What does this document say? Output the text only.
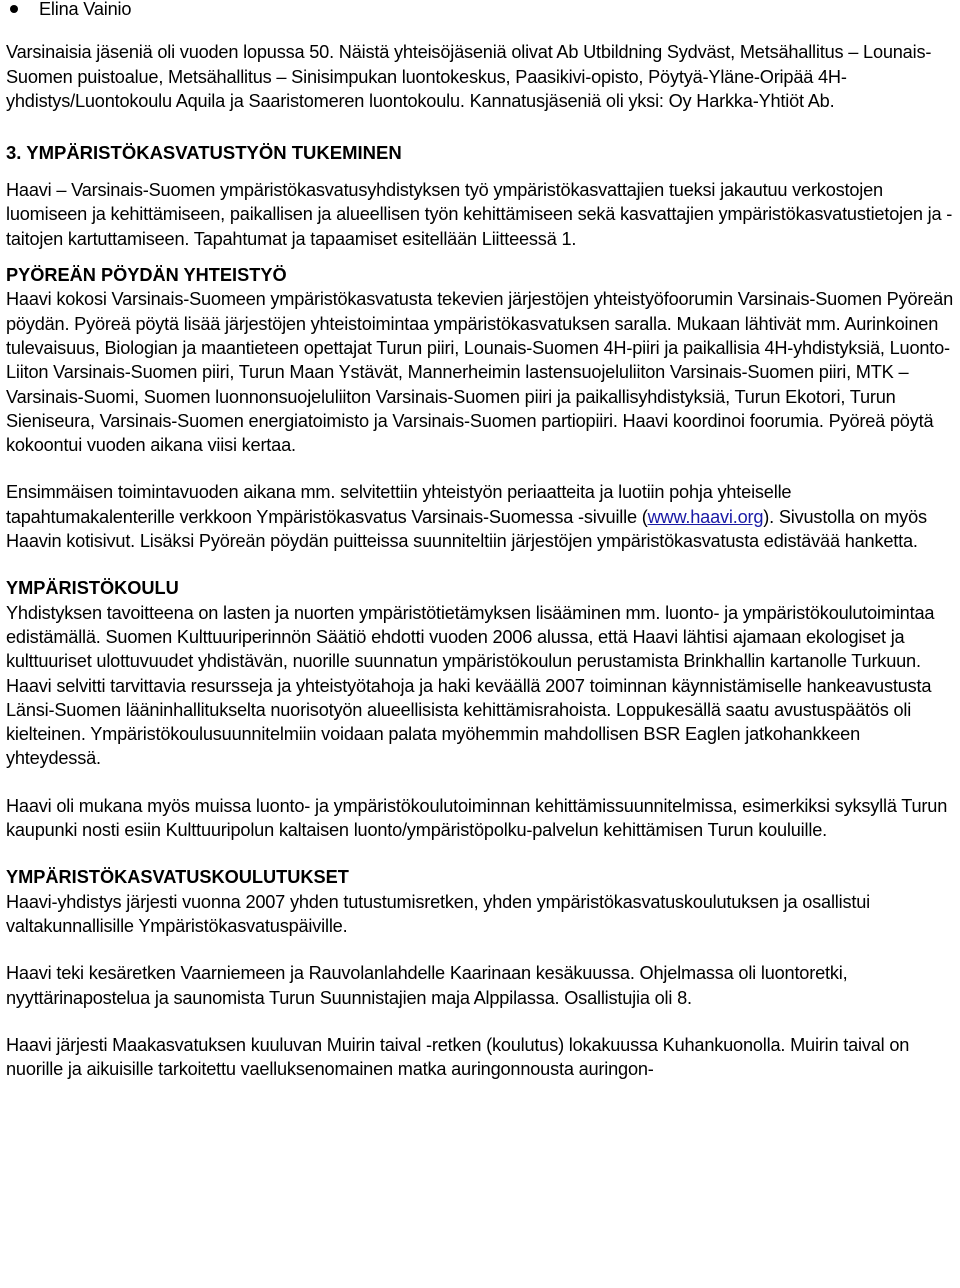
Elina Vainio

Varsinaisia jäseniä oli vuoden lopussa 50. Näistä yhteisöjäseniä olivat Ab Utbildning Sydväst, Metsähallitus – Lounais-Suomen puistoalue, Metsähallitus – Sinisimpukan luontokeskus, Paasikivi-opisto, Pöytyä-Yläne-Oripää 4H-yhdistys/Luontokoulu Aquila ja Saaristomeren luontokoulu. Kannatusjäseniä oli yksi: Oy Harkka-Yhtiöt Ab.

3. YMPÄRISTÖKASVATUSTYÖN TUKEMINEN

Haavi – Varsinais-Suomen ympäristökasvatusyhdistyksen työ ympäristökasvattajien tueksi jakautuu verkostojen luomiseen ja kehittämiseen, paikallisen ja alueellisen työn kehittämiseen sekä kasvattajien ympäristökasvatustietojen ja -taitojen kartuttamiseen. Tapahtumat ja tapaamiset esitellään Liitteessä 1.

PYÖREÄN PÖYDÄN YHTEISTYÖ

Haavi kokosi Varsinais-Suomeen ympäristökasvatusta tekevien järjestöjen yhteistyöfoorumin Varsinais-Suomen Pyöreän pöydän. Pyöreä pöytä lisää järjestöjen yhteistoimintaa ympäristökasvatuksen saralla. Mukaan lähtivät mm. Aurinkoinen tulevaisuus, Biologian ja maantieteen opettajat Turun piiri, Lounais-Suomen 4H-piiri ja paikallisia 4H-yhdistyksiä, Luonto-Liiton Varsinais-Suomen piiri, Turun Maan Ystävät, Mannerheimin lastensuojeluliiton Varsinais-Suomen piiri, MTK – Varsinais-Suomi, Suomen luonnonsuojeluliiton Varsinais-Suomen piiri ja paikallisyhdistyksiä, Turun Ekotori, Turun Sieniseura, Varsinais-Suomen energiatoimisto ja Varsinais-Suomen partiopiiri. Haavi koordinoi foorumia. Pyöreä pöytä kokoontui vuoden aikana viisi kertaa.

Ensimmäisen toimintavuoden aikana mm. selvitettiin yhteistyön periaatteita ja luotiin pohja yhteiselle tapahtumakalenterille verkkoon Ympäristökasvatus Varsinais-Suomessa -sivuille (www.haavi.org). Sivustolla on myös Haavin kotisivut. Lisäksi Pyöreän pöydän puitteissa suunniteltiin järjestöjen ympäristökasvatusta edistävää hanketta.

YMPÄRISTÖKOULU

Yhdistyksen tavoitteena on lasten ja nuorten ympäristötietämyksen lisääminen mm. luonto- ja ympäristökoulutoimintaa edistämällä. Suomen Kulttuuriperinnön Säätiö ehdotti vuoden 2006 alussa, että Haavi lähtisi ajamaan ekologiset ja kulttuuriset ulottuvuudet yhdistävän, nuorille suunnatun ympäristökoulun perustamista Brinkhallin kartanolle Turkuun. Haavi selvitti tarvittavia resursseja ja yhteistyötahoja ja haki keväällä 2007 toiminnan käynnistämiselle hankeavustusta Länsi-Suomen lääninhallitukselta nuorisotyön alueellisista kehittämisrahoista. Loppukesällä saatu avustuspäätös oli kielteinen. Ympäristökoulusuunnitelmiin voidaan palata myöhemmin mahdollisen BSR Eaglen jatkohankkeen yhteydessä.

Haavi oli mukana myös muissa luonto- ja ympäristökoulutoiminnan kehittämissuunnitelmissa, esimerkiksi syksyllä Turun kaupunki nosti esiin Kulttuuripolun kaltaisen luonto/ympäristöpolku-palvelun kehittämisen Turun kouluille.

YMPÄRISTÖKASVATUSKOULUTUKSET

Haavi-yhdistys järjesti vuonna 2007 yhden tutustumisretken, yhden ympäristökasvatuskoulutuksen ja osallistui valtakunnallisille Ympäristökasvatuspäiville.

Haavi teki kesäretken Vaarniemeen ja Rauvolanlahdelle Kaarinaan kesäkuussa. Ohjelmassa oli luontoretki, nyyttärinapostelua ja saunomista Turun Suunnistajien maja Alppilassa. Osallistujia oli 8.

Haavi järjesti Maakasvatuksen kuuluvan Muirin taival -retken (koulutus) lokakuussa Kuhankuonolla. Muirin taival on nuorille ja aikuisille tarkoitettu vaelluksenomainen matka auringonnousta auringon-
